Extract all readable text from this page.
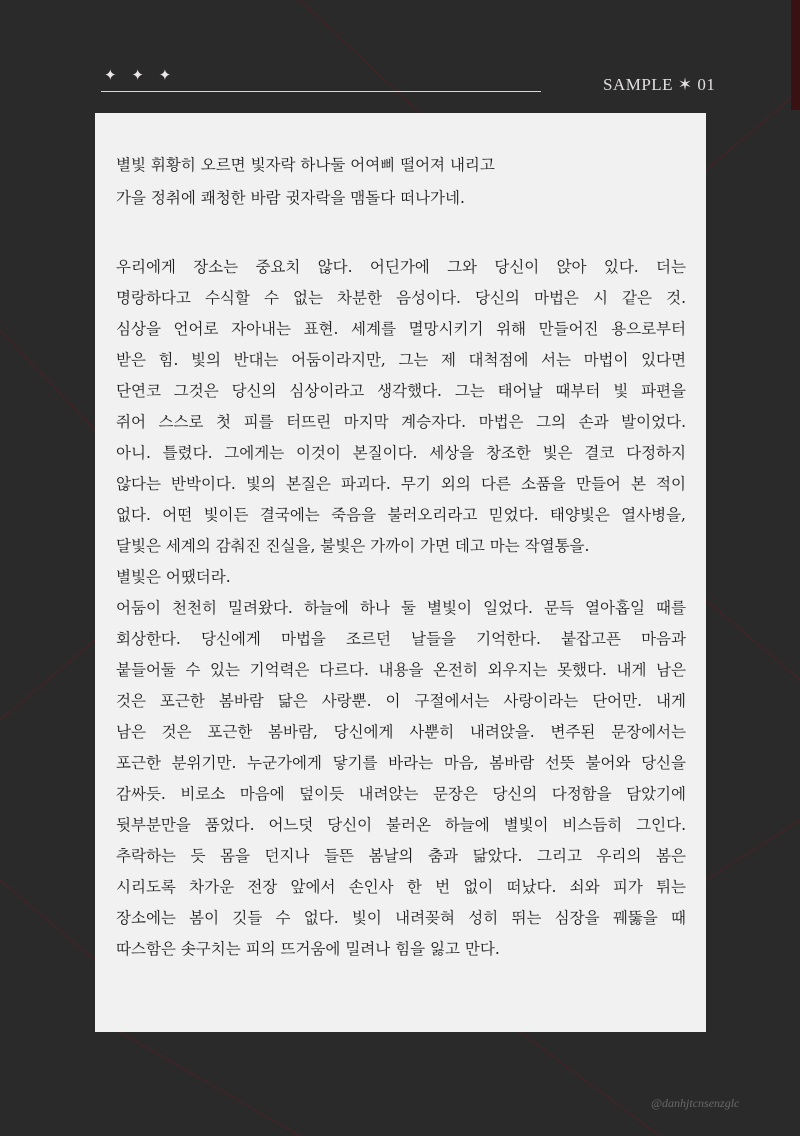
✦ ✦ ✦	SAMPLE ✶ 01
별빛 휘황히 오르면 빛자락 하나둘 어여삐 떨어져 내리고
가을 정취에 쾌청한 바람 귓자락을 맴돌다 떠나가네.
우리에게 장소는 중요치 않다. 어딘가에 그와 당신이 앉아 있다. 더는
명랑하다고 수식할 수 없는 차분한 음성이다. 당신의 마법은 시 같은 것.
심상을 언어로 자아내는 표현. 세계를 멸망시키기 위해 만들어진 용으로부터
받은 힘. 빛의 반대는 어둠이라지만, 그는 제 대척점에 서는 마법이 있다면
단연코 그것은 당신의 심상이라고 생각했다. 그는 태어날 때부터 빛 파편을
쥐어 스스로 첫 피를 터뜨린 마지막 계승자다. 마법은 그의 손과 발이었다.
아니. 틀렸다. 그에게는 이것이 본질이다. 세상을 창조한 빛은 결코 다정하지
않다는 반박이다. 빛의 본질은 파괴다. 무기 외의 다른 소품을 만들어 본 적이
없다. 어떤 빛이든 결국에는 죽음을 불러오리라고 믿었다. 태양빛은 열사병을,
달빛은 세계의 감춰진 진실을, 불빛은 가까이 가면 데고 마는 작열통을.
별빛은 어땠더라.
어둠이 천천히 밀려왔다. 하늘에 하나 둘 별빛이 일었다. 문득 열아홉일 때를
회상한다. 당신에게 마법을 조르던 날들을 기억한다. 붙잡고픈 마음과
붙들어둘 수 있는 기억력은 다르다. 내용을 온전히 외우지는 못했다. 내게 남은
것은 포근한 봄바람 닮은 사랑뿐. 이 구절에서는 사랑이라는 단어만. 내게
남은 것은 포근한 봄바람, 당신에게 사뿐히 내려앉을. 변주된 문장에서는
포근한 분위기만. 누군가에게 닿기를 바라는 마음, 봄바람 선뜻 불어와 당신을
감싸듯. 비로소 마음에 덮이듯 내려앉는 문장은 당신의 다정함을 담았기에
뒷부분만을 품었다. 어느덧 당신이 불러온 하늘에 별빛이 비스듬히 그인다.
추락하는 듯 몸을 던지나 들뜬 봄날의 춤과 닮았다. 그리고 우리의 봄은
시리도록 차가운 전장 앞에서 손인사 한 번 없이 떠났다. 쇠와 피가 튀는
장소에는 봄이 깃들 수 없다. 빛이 내려꽂혀 성히 뛰는 심장을 꿰뚫을 때
따스함은 솟구치는 피의 뜨거움에 밀려나 힘을 잃고 만다.
@danhjtcnsenzglc
